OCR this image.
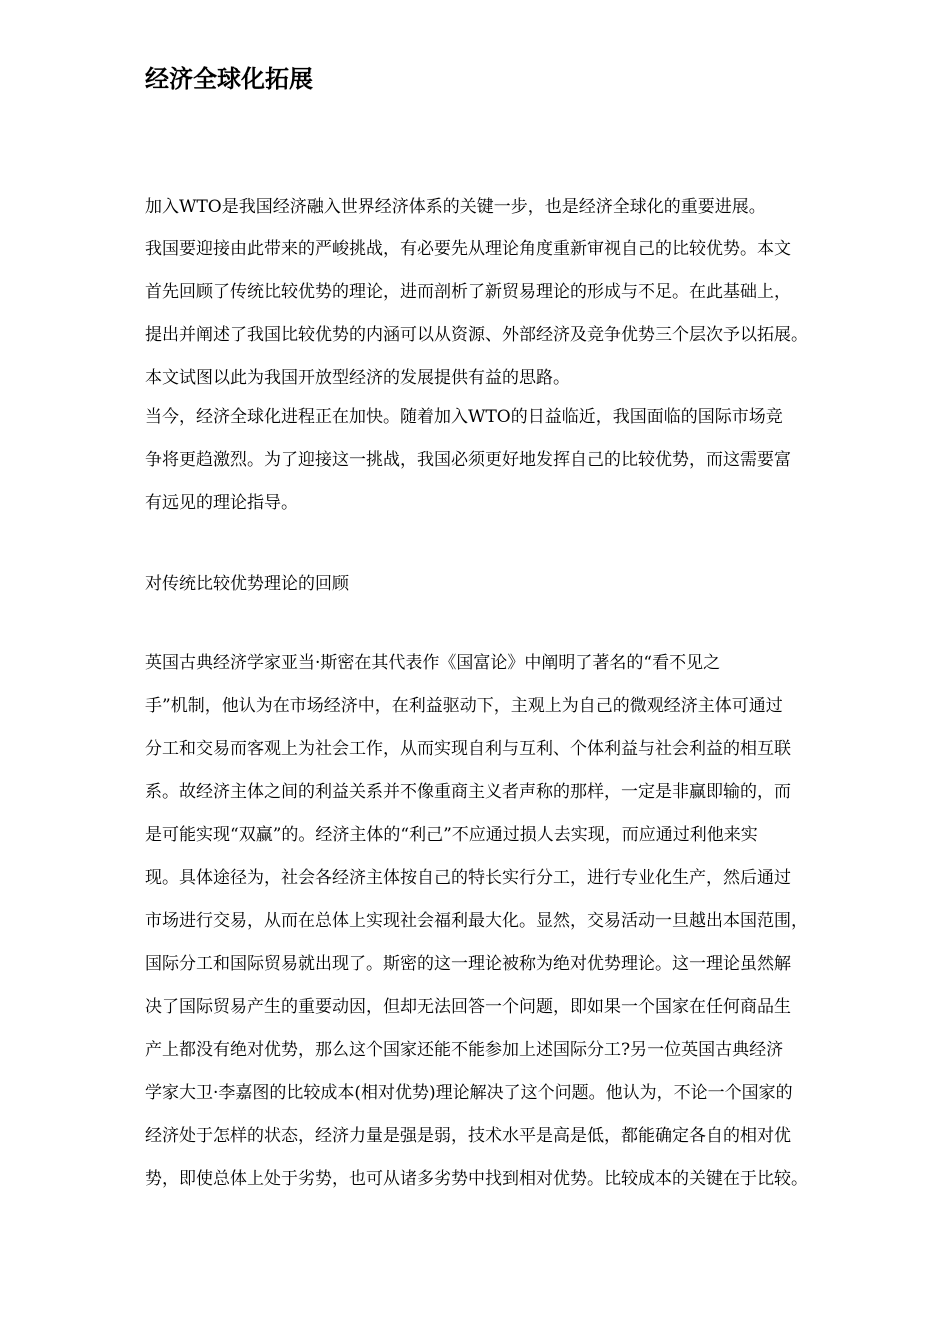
经济全球化拓展

加入WTO是我国经济融入世界经济体系的关键一步，也是经济全球化的重要进展。

我国要迎接由此带来的严峻挑战，有必要先从理论角度重新审视自己的比较优势。本文

首先回顾了传统比较优势的理论，进而剖析了新贸易理论的形成与不足。在此基础上，

提出并阐述了我国比较优势的内涵可以从资源、外部经济及竞争优势三个层次予以拓展。

本文试图以此为我国开放型经济的发展提供有益的思路。

当今，经济全球化进程正在加快。随着加入WTO的日益临近，我国面临的国际市场竞

争将更趋激烈。为了迎接这一挑战，我国必须更好地发挥自己的比较优势，而这需要富

有远见的理论指导。

对传统比较优势理论的回顾

英国古典经济学家亚当·斯密在其代表作《国富论》中阐明了著名的“看不见之

手”机制，他认为在市场经济中，在利益驱动下，主观上为自己的微观经济主体可通过

分工和交易而客观上为社会工作，从而实现自利与互利、个体利益与社会利益的相互联

系。故经济主体之间的利益关系并不像重商主义者声称的那样，一定是非赢即输的，而

是可能实现“双赢”的。经济主体的“利己”不应通过损人去实现，而应通过利他来实

现。具体途径为，社会各经济主体按自己的特长实行分工，进行专业化生产，然后通过

市场进行交易，从而在总体上实现社会福利最大化。显然，交易活动一旦越出本国范围，

国际分工和国际贸易就出现了。斯密的这一理论被称为绝对优势理论。这一理论虽然解

决了国际贸易产生的重要动因，但却无法回答一个问题，即如果一个国家在任何商品生

产上都没有绝对优势，那么这个国家还能不能参加上述国际分工?另一位英国古典经济

学家大卫·李嘉图的比较成本(相对优势)理论解决了这个问题。他认为，不论一个国家的

经济处于怎样的状态，经济力量是强是弱，技术水平是高是低，都能确定各自的相对优

势，即使总体上处于劣势，也可从诸多劣势中找到相对优势。比较成本的关键在于比较。
